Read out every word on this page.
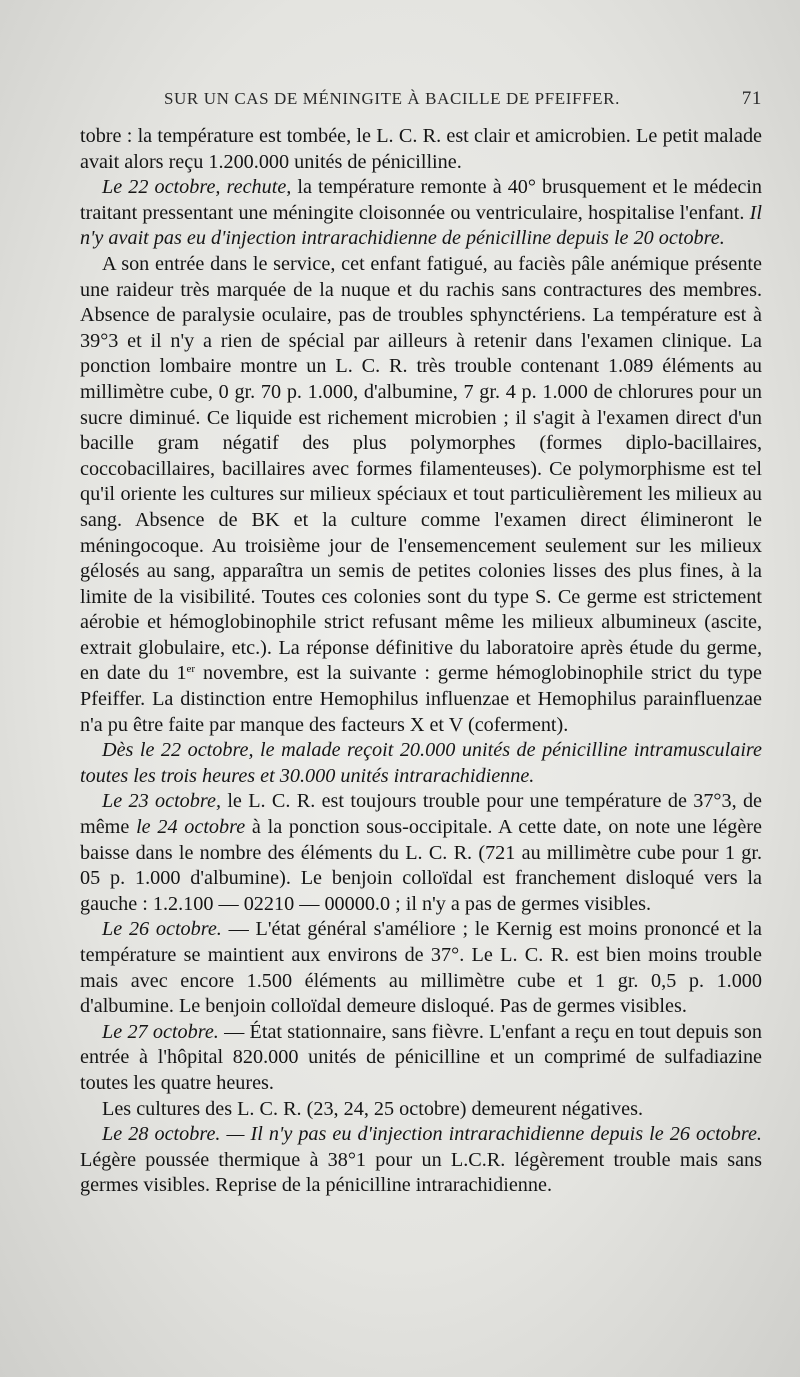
SUR UN CAS DE MÉNINGITE À BACILLE DE PFEIFFER.	71

tobre : la température est tombée, le L. C. R. est clair et amicrobien. Le petit malade avait alors reçu 1.200.000 unités de pénicilline.

Le 22 octobre, rechute, la température remonte à 40° brusquement et le médecin traitant pressentant une méningite cloisonnée ou ventriculaire, hospitalise l'enfant. Il n'y avait pas eu d'injection intrarachidienne de pénicilline depuis le 20 octobre.

A son entrée dans le service, cet enfant fatigué, au faciès pâle anémique présente une raideur très marquée de la nuque et du rachis sans contractures des membres. Absence de paralysie oculaire, pas de troubles sphynctériens. La température est à 39°3 et il n'y a rien de spécial par ailleurs à retenir dans l'examen clinique. La ponction lombaire montre un L. C. R. très trouble contenant 1.089 éléments au millimètre cube, 0 gr. 70 p. 1.000, d'albumine, 7 gr. 4 p. 1.000 de chlorures pour un sucre diminué. Ce liquide est richement microbien ; il s'agit à l'examen direct d'un bacille gram négatif des plus polymorphes (formes diplo-bacillaires, coccobacillaires, bacillaires avec formes filamenteuses). Ce polymorphisme est tel qu'il oriente les cultures sur milieux spéciaux et tout particulièrement les milieux au sang. Absence de BK et la culture comme l'examen direct élimineront le méningocoque. Au troisième jour de l'ensemencement seulement sur les milieux gélosés au sang, apparaîtra un semis de petites colonies lisses des plus fines, à la limite de la visibilité. Toutes ces colonies sont du type S. Ce germe est strictement aérobie et hémoglobinophile strict refusant même les milieux albumineux (ascite, extrait globulaire, etc.). La réponse définitive du laboratoire après étude du germe, en date du 1er novembre, est la suivante : germe hémoglobinophile strict du type Pfeiffer. La distinction entre Hemophilus influenzae et Hemophilus parainfluenzae n'a pu être faite par manque des facteurs X et V (coferment).

Dès le 22 octobre, le malade reçoit 20.000 unités de pénicilline intramusculaire toutes les trois heures et 30.000 unités intrarachidienne.

Le 23 octobre, le L. C. R. est toujours trouble pour une température de 37°3, de même le 24 octobre à la ponction sous-occipitale. A cette date, on note une légère baisse dans le nombre des éléments du L. C. R. (721 au millimètre cube pour 1 gr. 05 p. 1.000 d'albumine). Le benjoin colloïdal est franchement disloqué vers la gauche : 1.2.100 — 02210 — 00000.0 ; il n'y a pas de germes visibles.

Le 26 octobre. — L'état général s'améliore ; le Kernig est moins prononcé et la température se maintient aux environs de 37°. Le L. C. R. est bien moins trouble mais avec encore 1.500 éléments au millimètre cube et 1 gr. 0,5 p. 1.000 d'albumine. Le benjoin colloïdal demeure disloqué. Pas de germes visibles.

Le 27 octobre. — État stationnaire, sans fièvre. L'enfant a reçu en tout depuis son entrée à l'hôpital 820.000 unités de pénicilline et un comprimé de sulfadiazine toutes les quatre heures.

Les cultures des L. C. R. (23, 24, 25 octobre) demeurent négatives.

Le 28 octobre. — Il n'y pas eu d'injection intrarachidienne depuis le 26 octobre. Légère poussée thermique à 38°1 pour un L.C.R. légèrement trouble mais sans germes visibles. Reprise de la pénicilline intrarachidienne.
